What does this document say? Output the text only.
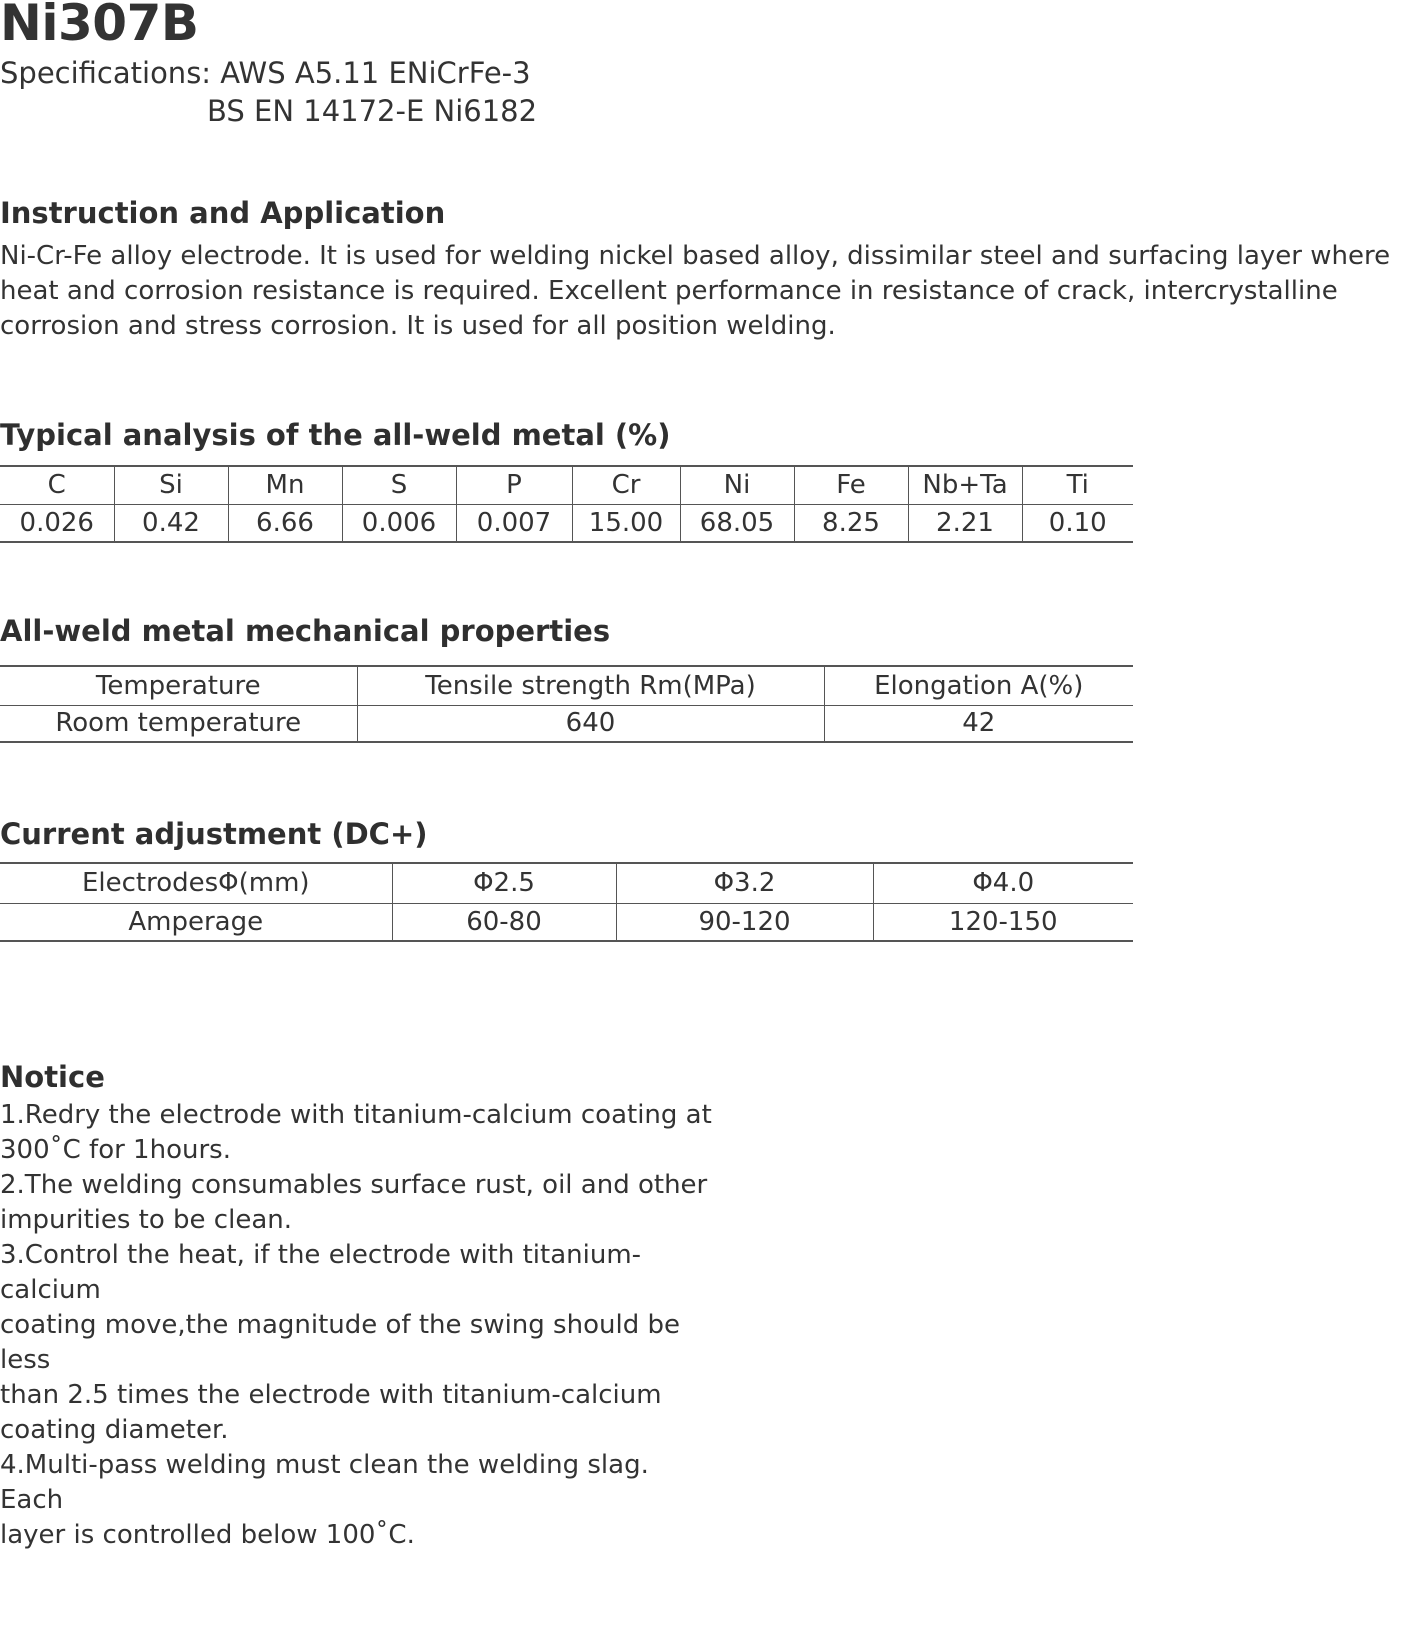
Ni307B
Specifications: AWS A5.11 ENiCrFe-3
BS EN 14172-E Ni6182
Instruction and Application

Ni-Cr-Fe alloy electrode. It is used for welding nickel based alloy, dissimilar steel and surfacing layer where heat and corrosion resistance is required. Excellent performance in resistance of crack, intercrystalline corrosion and stress corrosion. It is used for all position welding.

Typical analysis of the all-weld metal (%)
C	Si	Mn	S	P	Cr	Ni	Fe	Nb+Ta	Ti
0.026	0.42	6.66	0.006	0.007	15.00	68.05	8.25	2.21	0.10
All-weld metal mechanical properties
Temperature	Tensile strength Rm(MPa)	Elongation A(%)
Room temperature	640	42
Current adjustment (DC+)
ElectrodesΦ(mm)	Φ2.5	Φ3.2	Φ4.0
Amperage	60-80	90-120	120-150
Notice

1.Redry the electrode with titanium-calcium coating at

300˚C for 1hours.

2.The welding consumables surface rust, oil and other

impurities to be clean.

3.Control the heat, if the electrode with titanium-calcium

coating move,the magnitude of the swing should be less

than 2.5 times the electrode with titanium-calcium

coating diameter.

4.Multi-pass welding must clean the welding slag. Each

layer is controlled below 100˚C.
